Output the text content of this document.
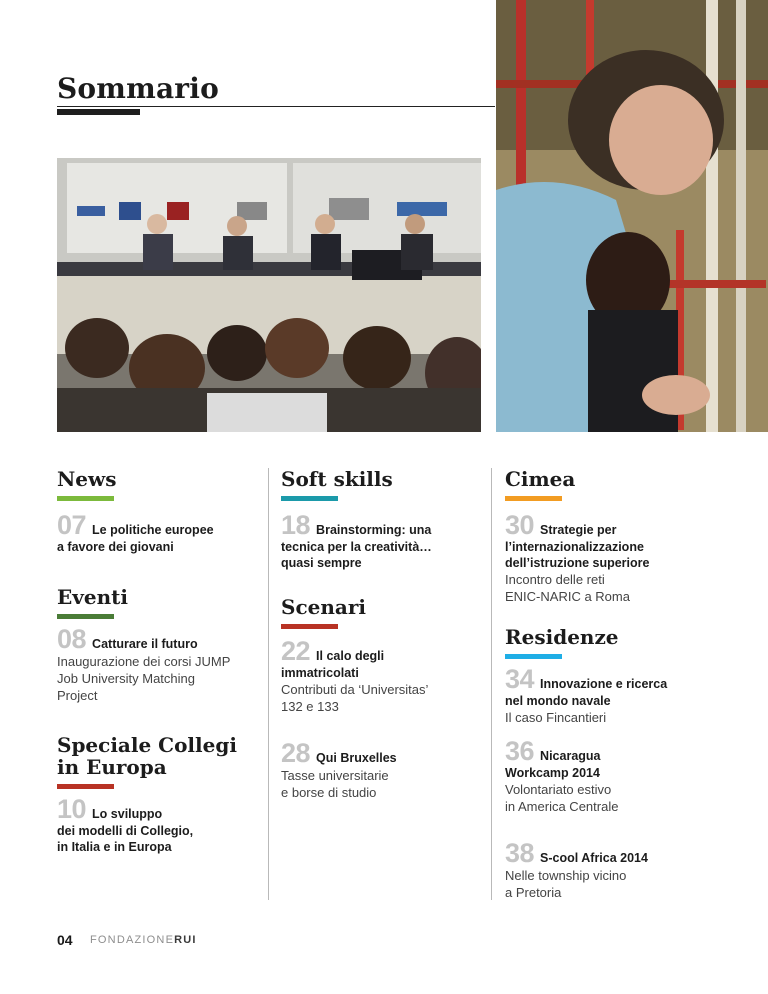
Sommario
News
07 Le politiche europee
a favore dei giovani
Eventi
08 Catturare il futuro
Inaugurazione dei corsi JUMP
Job University Matching
Project
Speciale Collegi
in Europa
10 Lo sviluppo
dei modelli di Collegio,
in Italia e in Europa
Soft skills
18 Brainstorming: una
tecnica per la creatività…
quasi sempre
Scenari
22 Il calo degli
immatricolati
Contributi da ‘Universitas’
132 e 133
28 Qui Bruxelles
Tasse universitarie
e borse di studio
Cimea
30 Strategie per
l’internazionalizzazione
dell’istruzione superiore
Incontro delle reti
ENIC-NARIC a Roma
Residenze
34 Innovazione e ricerca
nel mondo navale
Il caso Fincantieri
36 Nicaragua
Workcamp 2014
Volontariato estivo
in America Centrale
38 S-cool Africa 2014
Nelle township vicino
a Pretoria
04 FONDAZIONERUI
